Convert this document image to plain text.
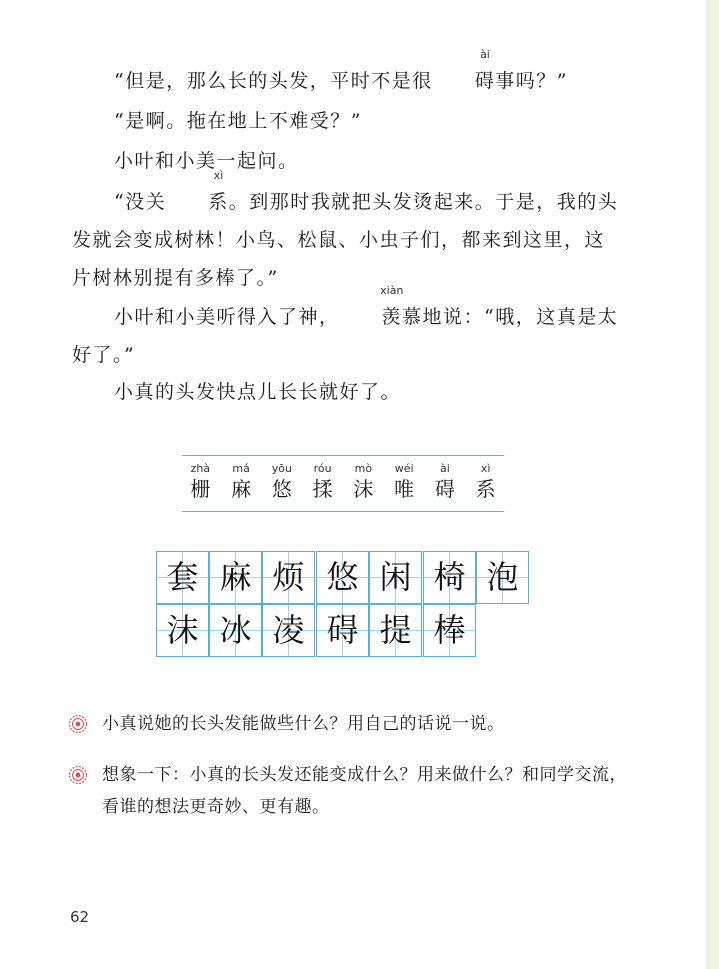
“但是，那么长的头发，平时不是很
ài
碍事吗？”

“是啊。拖在地上不难受？”

小叶和小美一起问。

“没关
xì
系。到那时我就把头发烫起来。于是，我的头发就会变成树林！小鸟、松鼠、小虫子们，都来到这里，这片树林别提有多棒了。”

小叶和小美听得入了神，
xiàn
羡慕地说：“哦，这真是太好了。”

小真的头发快点儿长长就好了。

zhà
栅
má
麻
yōu
悠
róu
揉
mò
沫
wéi
唯
ài
碍
xì
系
套 麻 烦 悠 闲 椅 泡
沫 冰 凌 碍 提 棒

小真说她的长头发能做些什么？用自己的话说一说。

想象一下：小真的长头发还能变成什么？用来做什么？和同学交流，看谁的想法更奇妙、更有趣。

62
